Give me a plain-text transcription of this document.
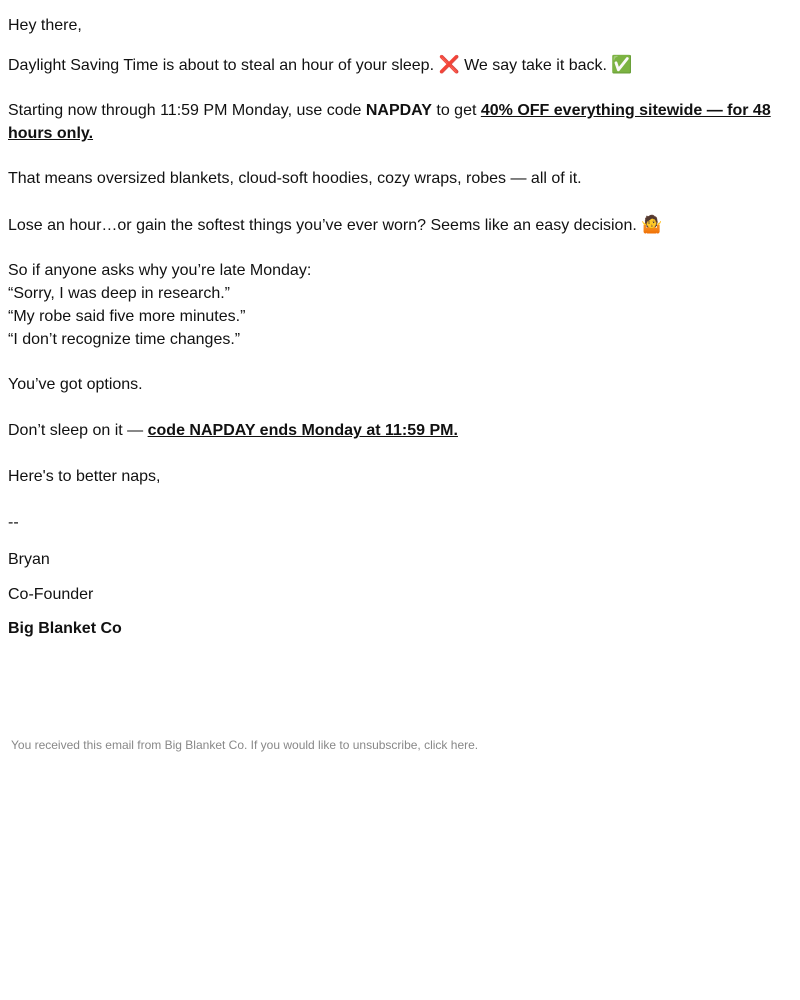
Hey there,

Daylight Saving Time is about to steal an hour of your sleep. ❌ We say take it back. ✅

Starting now through 11:59 PM Monday, use code NAPDAY to get 40% OFF everything sitewide — for 48 hours only.

That means oversized blankets, cloud-soft hoodies, cozy wraps, robes — all of it.

Lose an hour…or gain the softest things you’ve ever worn? Seems like an easy decision. 🤷

So if anyone asks why you’re late Monday:
“Sorry, I was deep in research.”
“My robe said five more minutes.”
“I don’t recognize time changes.”

You’ve got options.

Don’t sleep on it — code NAPDAY ends Monday at 11:59 PM.

Here's to better naps,

--

Bryan

Co-Founder

Big Blanket Co

You received this email from Big Blanket Co. If you would like to unsubscribe, click here.
